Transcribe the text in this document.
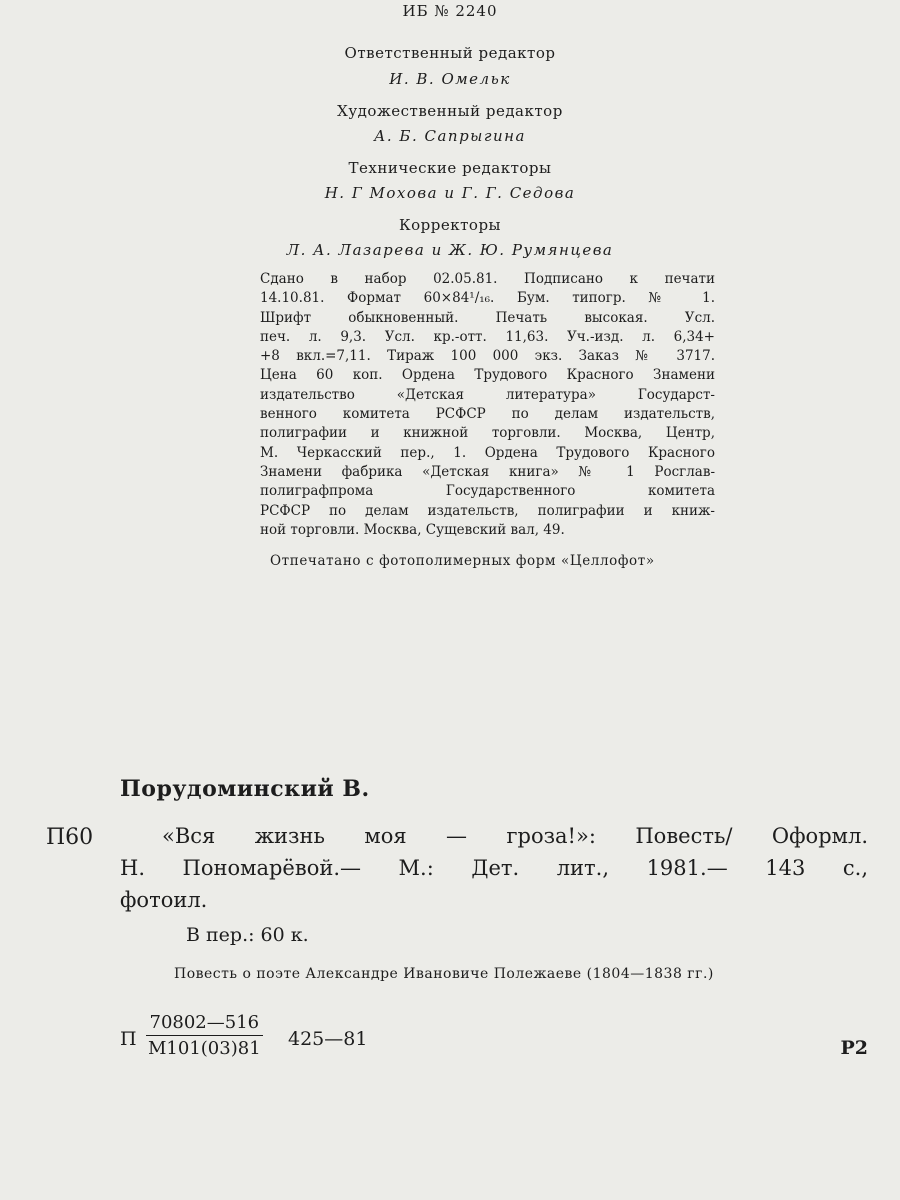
ИБ № 2240
Ответственный редактор
И. В. Омельк
Художественный редактор
А. Б. Сапрыгина
Технические редакторы
Н. Г Мохова и Г. Г. Седова
Корректоры
Л. А. Лазарева и Ж. Ю. Румянцева
Сдано в набор 02.05.81. Подписано к печати
14.10.81. Формат 60×84¹/₁₆. Бум. типогр. № 1.
Шрифт обыкновенный. Печать высокая. Усл.
печ. л. 9,3. Усл. кр.-отт. 11,63. Уч.-изд. л. 6,34+
+8 вкл.=7,11. Тираж 100 000 экз. Заказ № 3717.
Цена 60 коп. Ордена Трудового Красного Знамени
издательство «Детская литература» Государст-
венного комитета РСФСР по делам издательств,
полиграфии и книжной торговли. Москва, Центр,
М. Черкасский пер., 1. Ордена Трудового Красного
Знамени фабрика «Детская книга» № 1 Росглав-
полиграфпрома Государственного комитета
РСФСР по делам издательств, полиграфии и книж-
ной торговли. Москва, Сущевский вал, 49.
Отпечатано с фотополимерных форм «Целлофот»
Порудоминский В.
П60	«Вся жизнь моя — гроза!»: Повесть/ Оформл.
Н. Пономарёвой.— М.: Дет. лит., 1981.— 143 с.,
фотоил.
В пер.: 60 к.
Повесть о поэте Александре Ивановиче Полежаеве (1804—1838 гг.)
П
70802—516
М101(03)81 425—81	Р2
